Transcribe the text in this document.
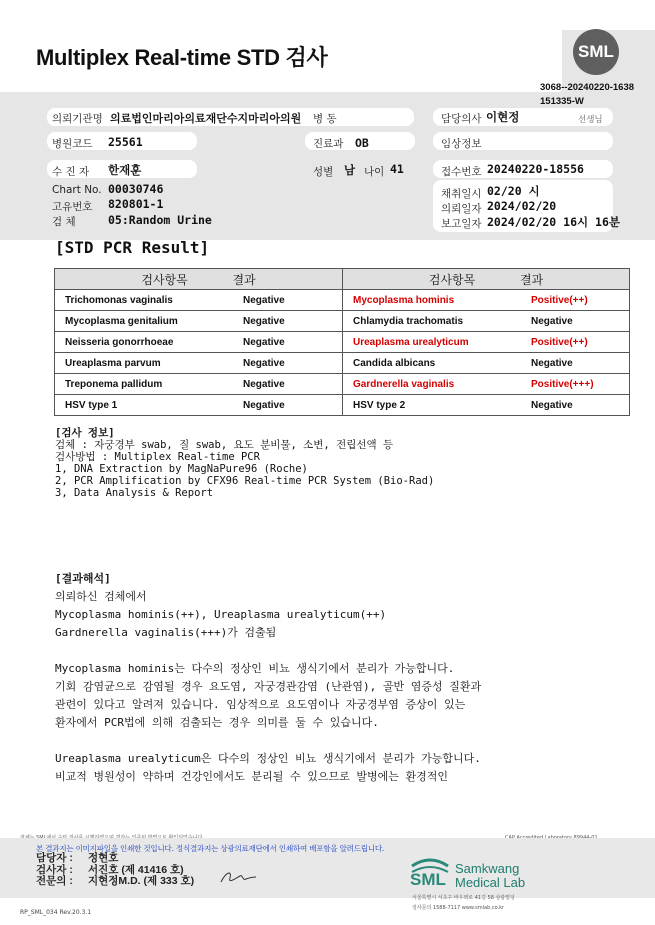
Multiplex Real-time STD 검사	SML
3068--20240220-1638
151335-W
의뢰기관명 의료법인마리아의료재단수지마리아의원 병 동	담당의사 이현정	선생님
병원코드 25561	진료과 OB	임상정보
수 진 자 한재훈	성별 남 나이 41	접수번호 20240220-18556
Chart No. 00030746
고유번호 820801-1
검 체	05:Random Urine
채취일시 02/20 시
의뢰일자 2024/02/20
보고일자 2024/02/20 16시 16분
[STD PCR Result]
검사항목 결과	검사항목 결과
Trichomonas vaginalis Negative	Mycoplasma hominis Positive(++)
Mycoplasma genitalium Negative	Chlamydia trachomatis Negative
Neisseria gonorrhoeae Negative	Ureaplasma urealyticum Positive(++)
Ureaplasma parvum Negative	Candida albicans Negative
Treponema pallidum Negative	Gardnerella vaginalis Positive(+++)
HSV type 1 Negative	HSV type 2 Negative
[검사 정보]
검체 : 자궁경부 swab, 질 swab, 요도 분비물, 소변, 전립선액 등
검사방법 : Multiplex Real-time PCR
1, DNA Extraction by MagNaPure96 (Roche)
2, PCR Amplification by CFX96 Real-time PCR System (Bio-Rad)
3, Data Analysis & Report
[결과해석]
의뢰하신 검체에서
Mycoplasma hominis(++), Ureaplasma urealyticum(++)
Gardnerella vaginalis(+++)가 검출됨
Mycoplasma hominis는 다수의 정상인 비뇨 생식기에서 분리가 가능합니다.
기회 감염균으로 감염될 경우 요도염, 자궁경관감염 (난관염), 골반 염증성 질환과
관련이 있다고 알려져 있습니다. 임상적으로 요도염이나 자궁경부염 증상이 있는
환자에서 PCR법에 의해 검출되는 경우 의미를 둘 수 있습니다.
Ureaplasma urealyticum은 다수의 정상인 비뇨 생식기에서 분리가 가능합니다.
비교적 병원성이 약하며 건강인에서도 분리될 수 있으므로 발병에는 환경적인
본 결과지는 이미지파일을 인쇄한 것입니다. 정식결과지는 상광의료재단에서 인쇄하여 배포함을 알려드립니다.
담당자 : 정현호
검사자 : 서진호 (제 41416 호)
전문의 : 지현정M.D. (제 333 호)	SML
Samkwang
Medical Lab
서울특별시 서초구 바우뫼로 41길 58 삼광빌딩
검사문의 1588-7117 www.smlab.co.kr
RP_SML_034 Rev.20.3.1
